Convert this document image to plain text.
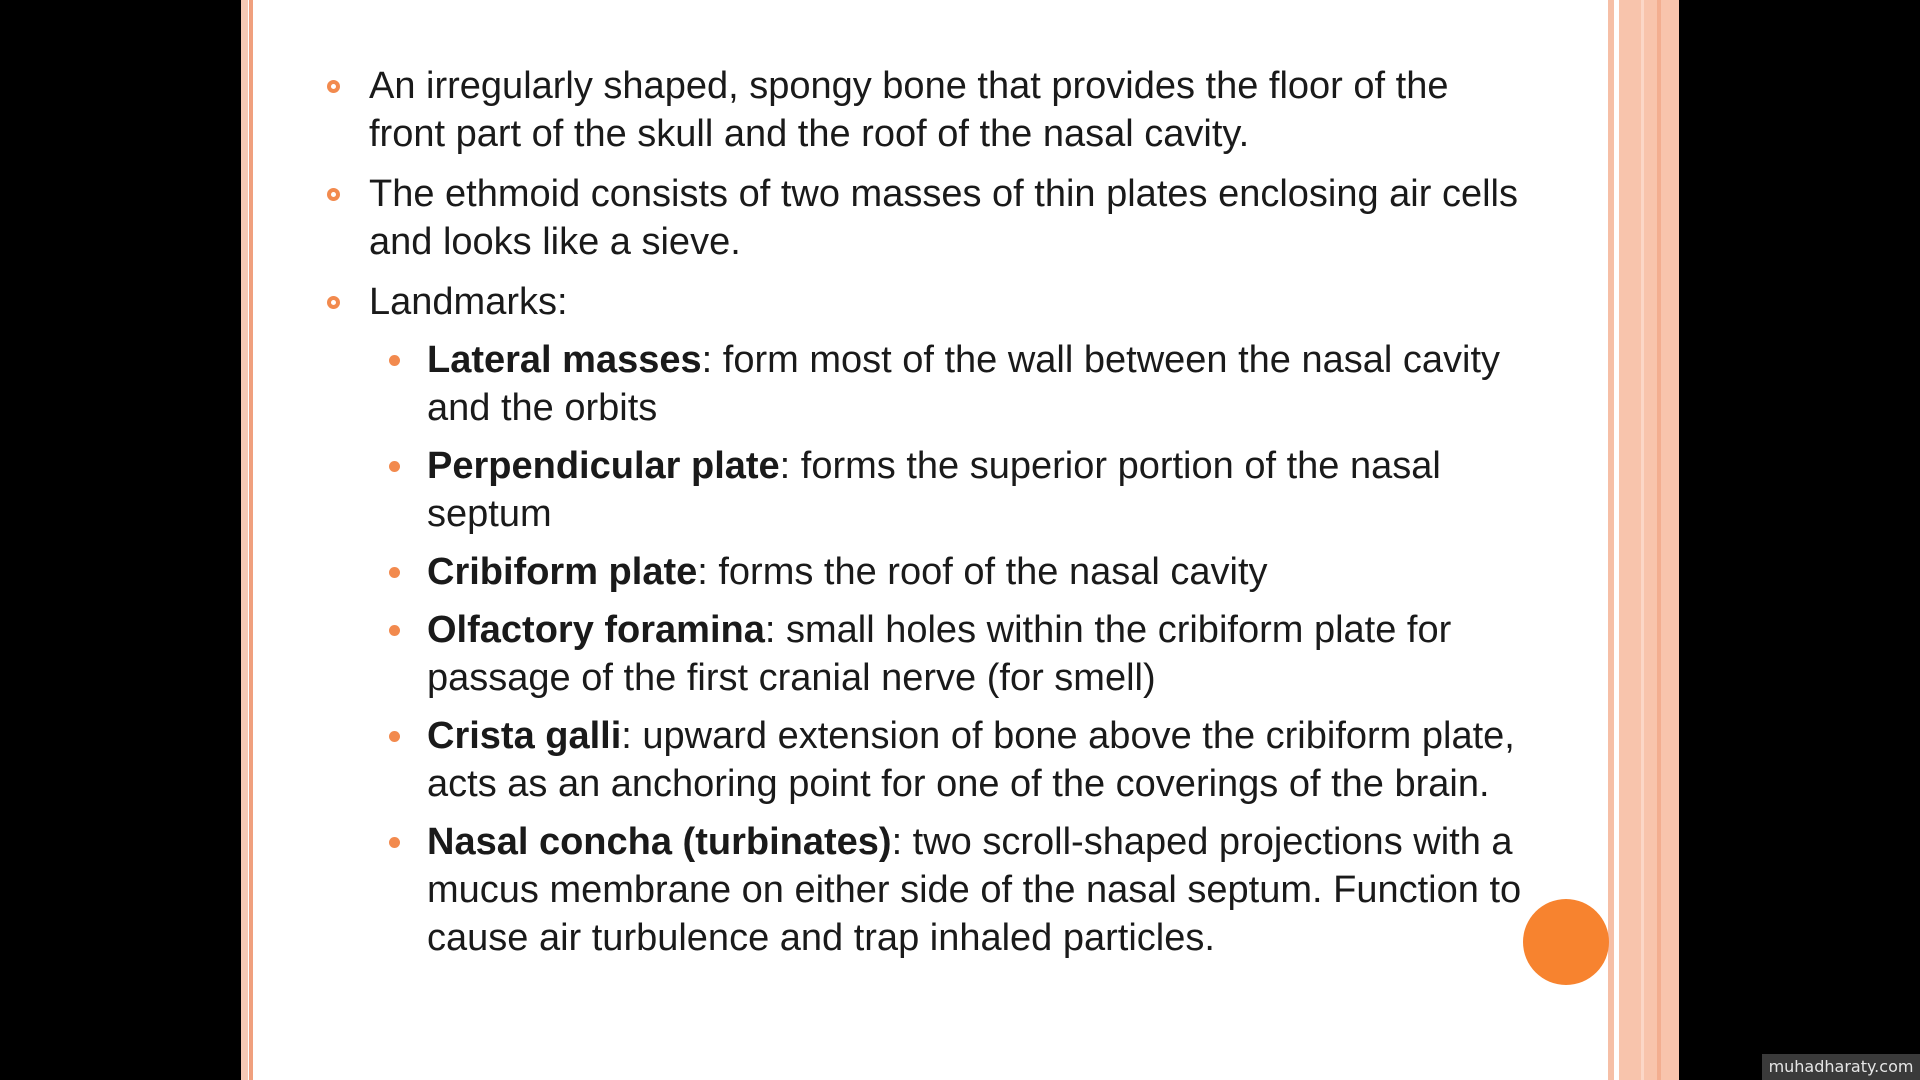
An irregularly shaped, spongy bone that provides the floor of the front part of the skull and the roof of the nasal cavity.
The ethmoid consists of two masses of thin plates enclosing air cells and looks like a sieve.
Landmarks:
Lateral masses: form most of the wall between the nasal cavity and the orbits
Perpendicular plate: forms the superior portion of the nasal septum
Cribiform plate: forms the roof of the nasal cavity
Olfactory foramina: small holes within the cribiform plate for passage of the first cranial nerve (for smell)
Crista galli: upward extension of bone above the cribiform plate, acts as an anchoring point for one of the coverings of the brain.
Nasal concha (turbinates): two scroll-shaped projections with a mucus membrane on either side of the nasal septum. Function to cause air turbulence and trap inhaled particles.
muhadharaty.com
